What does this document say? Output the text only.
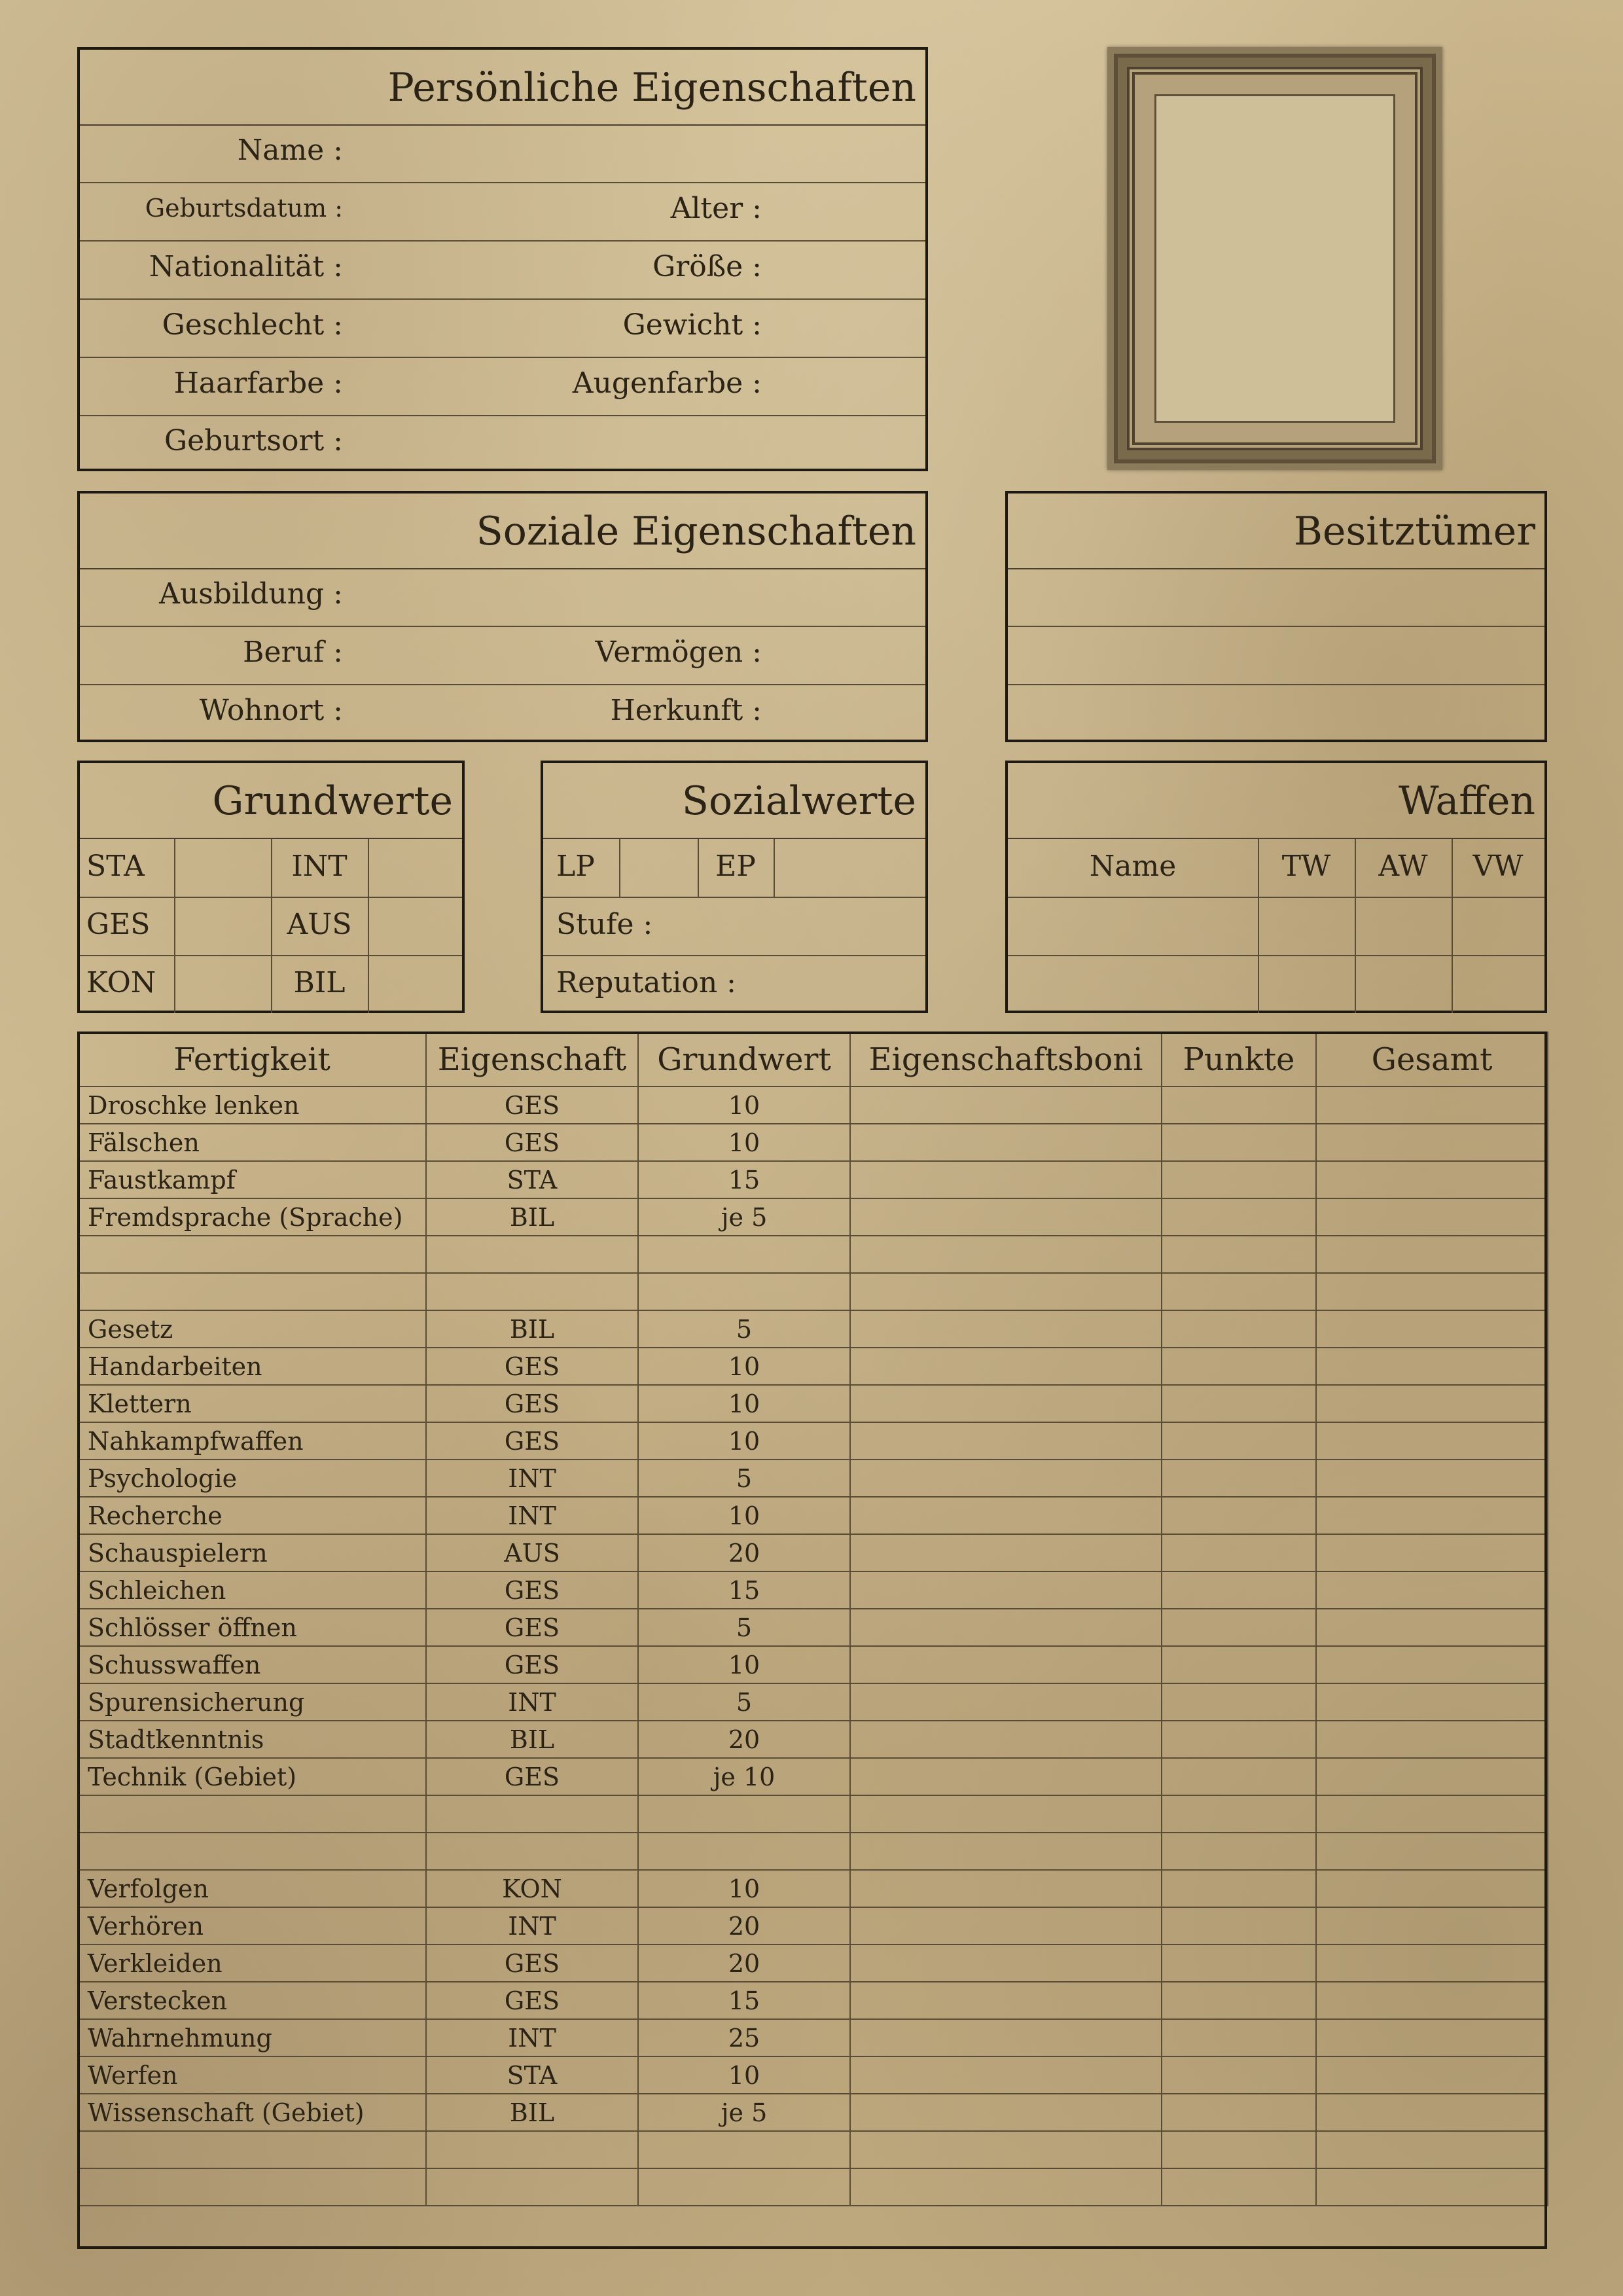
Persönliche Eigenschaften
Name :
Geburtsdatum :	Alter :
Nationalität :	Größe :
Geschlecht :	Gewicht :
Haarfarbe :	Augenfarbe :
Geburtsort :
Soziale Eigenschaften
Ausbildung :
Beruf :	Vermögen :
Wohnort :	Herkunft :
Besitztümer
Grundwerte
STA	INT
GES	AUS
KON	BIL
Sozialwerte
LP	EP
Stufe :
Reputation :
Waffen
Name	TW	AW	VW
Fertigkeit	Eigenschaft	Grundwert	Eigenschaftsboni	Punkte	Gesamt
Droschke lenken	GES	10			
Fälschen	GES	10			
Faustkampf	STA	15			
Fremdsprache (Sprache)	BIL	je 5			

Gesetz	BIL	5			
Handarbeiten	GES	10			
Klettern	GES	10			
Nahkampfwaffen	GES	10			
Psychologie	INT	5			
Recherche	INT	10			
Schauspielern	AUS	20			
Schleichen	GES	15			
Schlösser öffnen	GES	5			
Schusswaffen	GES	10			
Spurensicherung	INT	5			
Stadtkenntnis	BIL	20			
Technik (Gebiet)	GES	je 10			

Verfolgen	KON	10			
Verhören	INT	20			
Verkleiden	GES	20			
Verstecken	GES	15			
Wahrnehmung	INT	25			
Werfen	STA	10			
Wissenschaft (Gebiet)	BIL	je 5			
